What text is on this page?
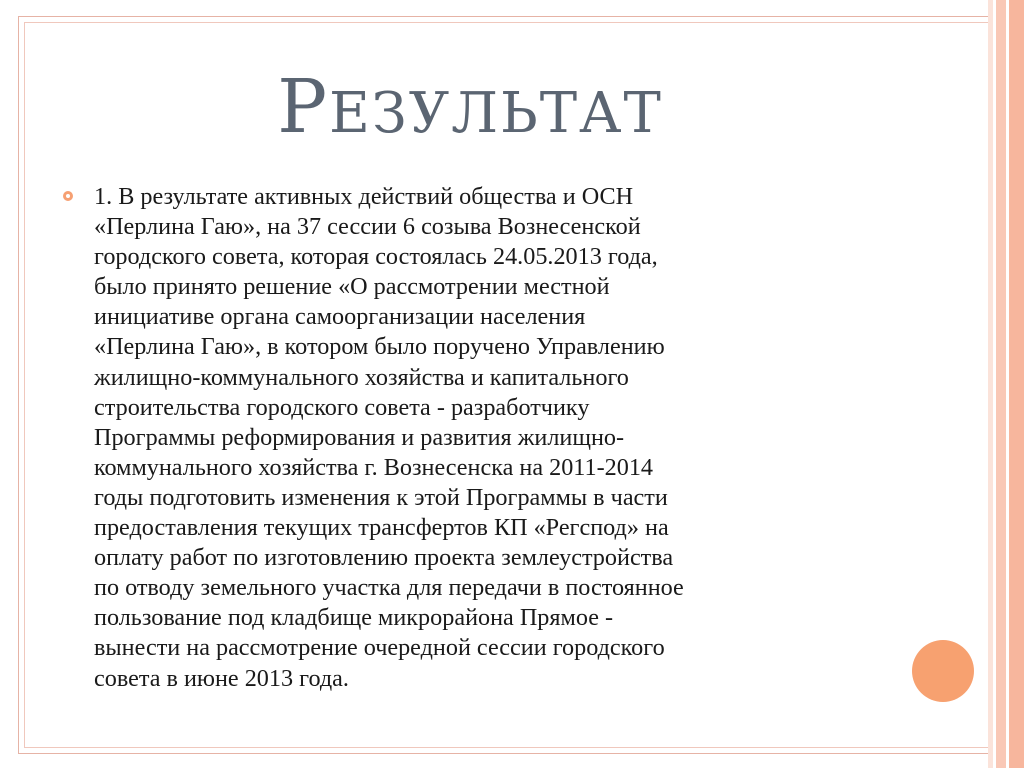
РЕЗУЛЬТАТ

1. В результате активных действий общества и ОСН
«Перлина Гаю», на 37 сессии 6 созыва Вознесенской
городского совета, которая состоялась 24.05.2013 года,
было принято решение «О рассмотрении местной
инициативе органа самоорганизации населения
«Перлина Гаю», в котором было поручено Управлению
жилищно-коммунального хозяйства и капитального
строительства городского совета - разработчику
Программы реформирования и развития жилищно-
коммунального хозяйства г. Вознесенска на 2011-2014
годы подготовить изменения к этой Программы в части
предоставления текущих трансфертов КП «Регспод» на
оплату работ по изготовлению проекта землеустройства
по отводу земельного участка для передачи в постоянное
пользование под кладбище микрорайона Прямое -
вынести на рассмотрение очередной сессии городского
совета в июне 2013 года.
